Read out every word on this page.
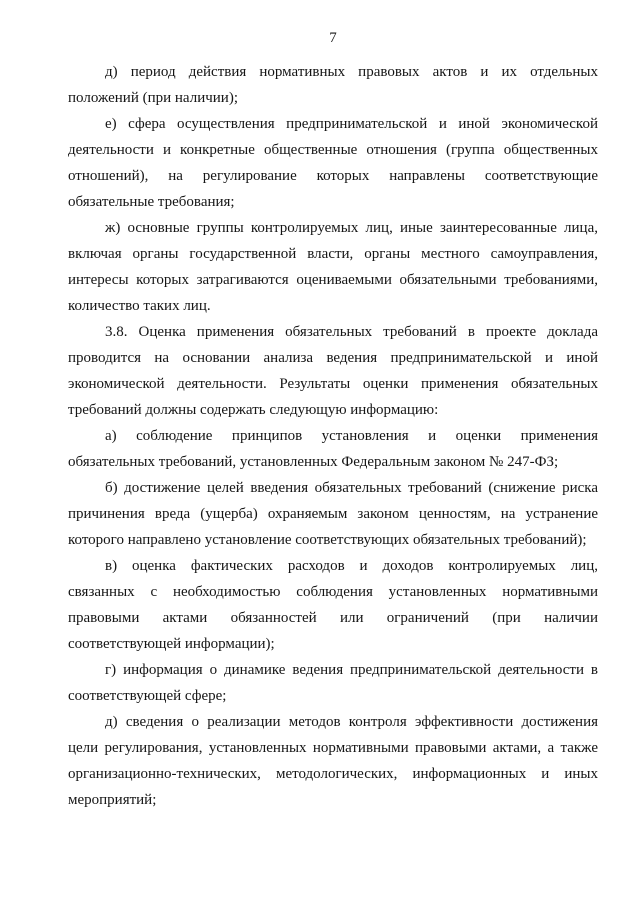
7
д) период действия нормативных правовых актов и их отдельных
положений (при наличии);
е) сфера осуществления предпринимательской и иной экономической
деятельности и конкретные общественные отношения (группа общественных
отношений), на регулирование которых направлены соответствующие
обязательные требования;
ж) основные группы контролируемых лиц, иные заинтересованные лица,
включая органы государственной власти, органы местного самоуправления,
интересы которых затрагиваются оцениваемыми обязательными требованиями,
количество таких лиц.
3.8. Оценка применения обязательных требований в проекте доклада
проводится на основании анализа ведения предпринимательской и иной
экономической деятельности. Результаты оценки применения обязательных
требований должны содержать следующую информацию:
а) соблюдение принципов установления и оценки применения
обязательных требований, установленных Федеральным законом № 247-ФЗ;
б) достижение целей введения обязательных требований (снижение риска
причинения вреда (ущерба) охраняемым законом ценностям, на устранение
которого направлено установление соответствующих обязательных требований);
в) оценка фактических расходов и доходов контролируемых лиц,
связанных с необходимостью соблюдения установленных нормативными
правовыми актами обязанностей или ограничений (при наличии
соответствующей информации);
г) информация о динамике ведения предпринимательской деятельности в
соответствующей сфере;
д) сведения о реализации методов контроля эффективности достижения
цели регулирования, установленных нормативными правовыми актами, а также
организационно-технических, методологических, информационных и иных
мероприятий;
